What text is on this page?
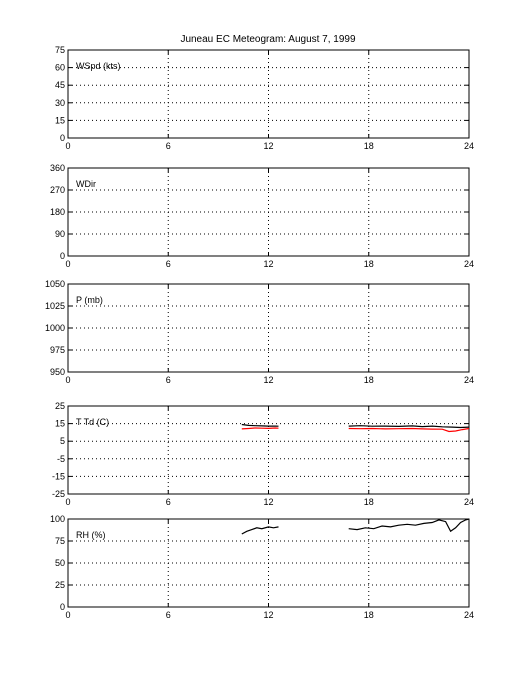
Juneau EC Meteogram: August 7, 1999
0	6	12	18	24
0
15
30
45
60
75
WSpd (kts)
0	6	12	18	24
0
90
180
270
360
WDir
0	6	12	18	24
950
975
1000
1025
1050
P (mb)
0	6	12	18	24
-25
-15
-5
5
15
25
T Td (C)
0	6	12	18	24
0
25
50
75
100
RH (%)
